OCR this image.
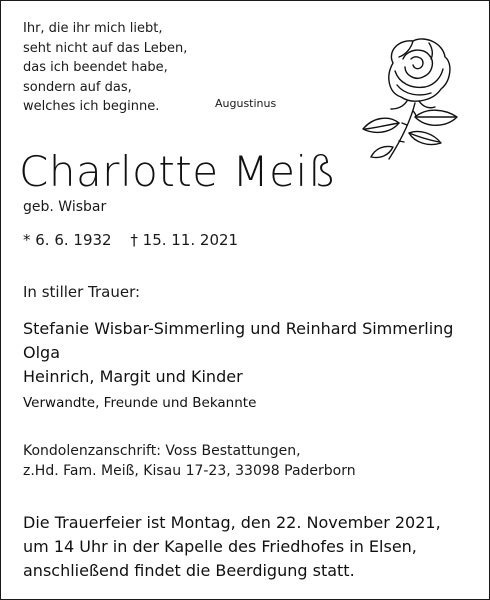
Ihr, die ihr mich liebt,
seht nicht auf das Leben,
das ich beendet habe,
sondern auf das,
welches ich beginne.	Augustinus
Charlotte Meiß
geb. Wisbar
* 6. 6. 1932 † 15. 11. 2021
In stiller Trauer:
Stefanie Wisbar-Simmerling und Reinhard Simmerling
Olga
Heinrich, Margit und Kinder
Verwandte, Freunde und Bekannte
Kondolenzanschrift: Voss Bestattungen,
z.Hd. Fam. Meiß, Kisau 17-23, 33098 Paderborn
Die Trauerfeier ist Montag, den 22. November 2021,
um 14 Uhr in der Kapelle des Friedhofes in Elsen,
anschließend findet die Beerdigung statt.
